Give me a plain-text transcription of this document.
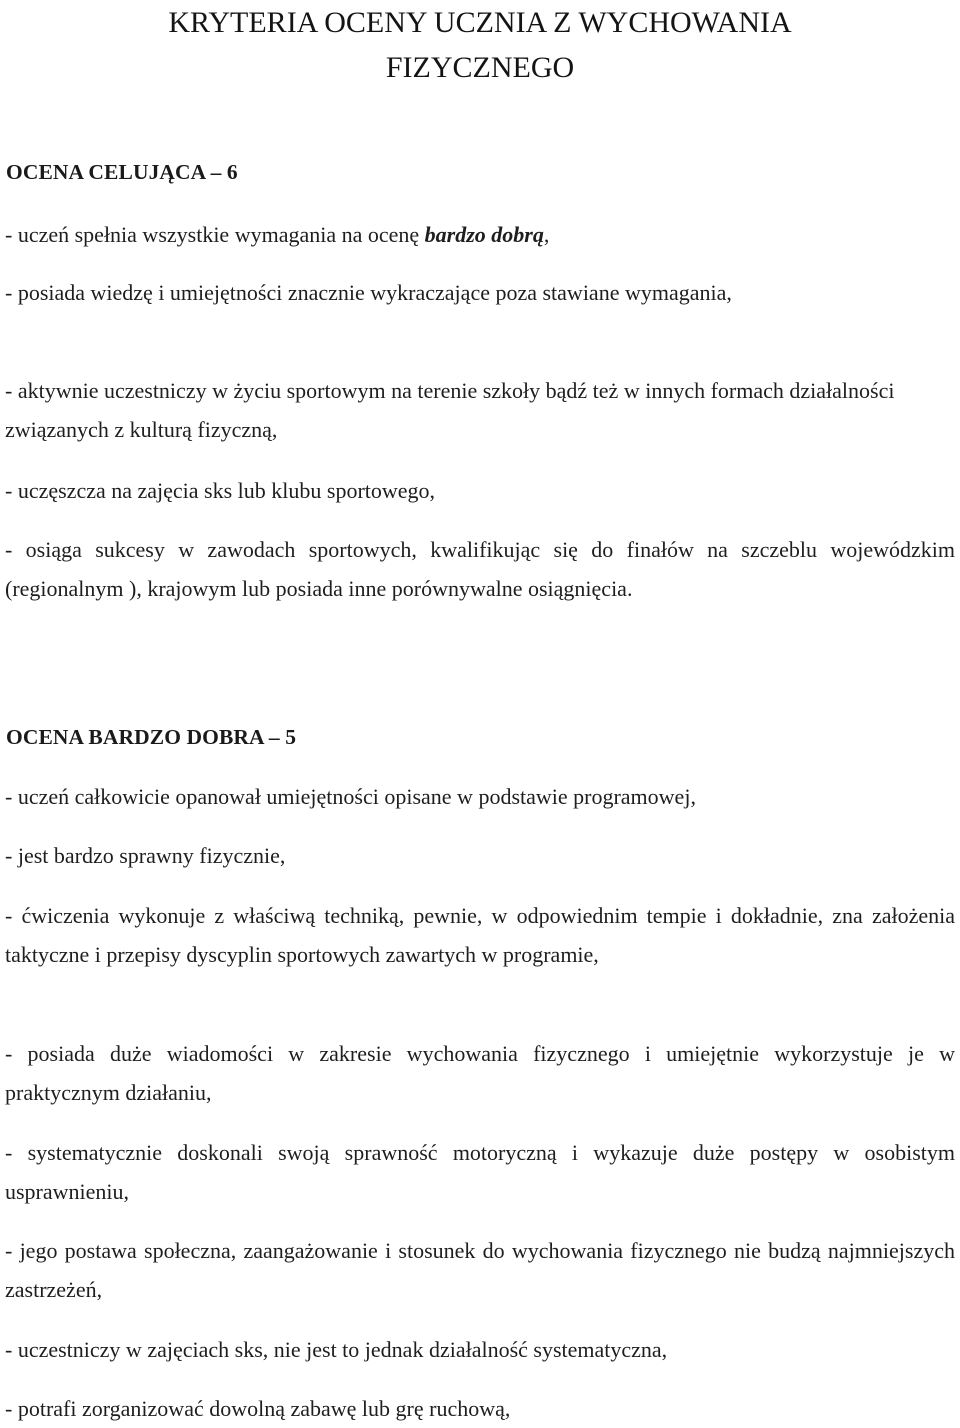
KRYTERIA OCENY UCZNIA Z WYCHOWANIA
FIZYCZNEGO
OCENA CELUJĄCA – 6

- uczeń spełnia wszystkie wymagania na ocenę bardzo dobrą,

- posiada wiedzę i umiejętności znacznie wykraczające poza stawiane wymagania,

- aktywnie uczestniczy w życiu sportowym na terenie szkoły bądź też w innych formach działalności związanych z kulturą fizyczną,

- uczęszcza na zajęcia sks lub klubu sportowego,

- osiąga sukcesy w zawodach sportowych, kwalifikując się do finałów na szczeblu wojewódzkim (regionalnym ), krajowym lub posiada inne porównywalne osiągnięcia.

OCENA BARDZO DOBRA – 5

- uczeń całkowicie opanował umiejętności opisane w podstawie programowej,

- jest bardzo sprawny fizycznie,

- ćwiczenia wykonuje z właściwą techniką, pewnie, w odpowiednim tempie i dokładnie, zna założenia taktyczne i przepisy dyscyplin sportowych zawartych w programie,

- posiada duże wiadomości w zakresie wychowania fizycznego i umiejętnie wykorzystuje je w praktycznym działaniu,

- systematycznie doskonali swoją sprawność motoryczną i wykazuje duże postępy w osobistym usprawnieniu,

- jego postawa społeczna, zaangażowanie i stosunek do wychowania fizycznego nie budzą najmniejszych zastrzeżeń,

- uczestniczy w zajęciach sks, nie jest to jednak działalność systematyczna,

- potrafi zorganizować dowolną zabawę lub grę ruchową,
